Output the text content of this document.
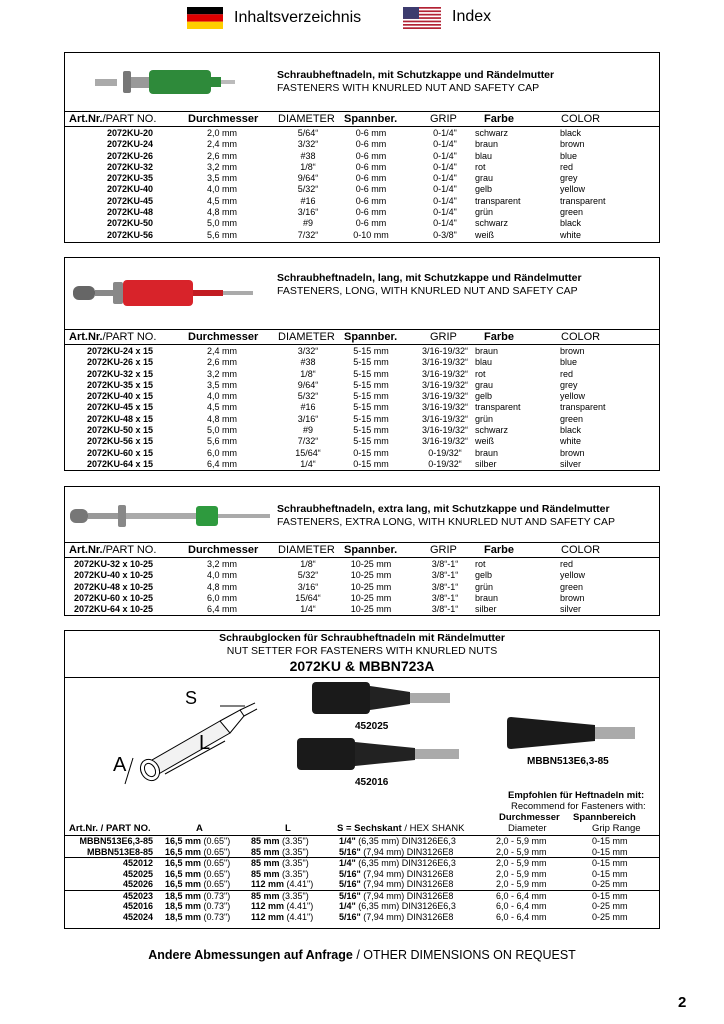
Inhaltsverzeichnis	Index
Schraubheftnadeln, mit Schutzkappe und Rändelmutter
FASTENERS WITH KNURLED NUT AND SAFETY CAP
Art.Nr./PART NO.	Durchmesser DIAMETER Spannber.	GRIP Farbe	COLOR
2072KU-20	2,0 mm	5/64“	0-6 mm	0-1/4"	schwarz	black
2072KU-24	2,4 mm	3/32“	0-6 mm	0-1/4"	braun	brown
2072KU-26	2,6 mm	#38	0-6 mm	0-1/4"	blau	blue
2072KU-32	3,2 mm	1/8“	0-6 mm	0-1/4"	rot	red
2072KU-35	3,5 mm	9/64“	0-6 mm	0-1/4"	grau	grey
2072KU-40	4,0 mm	5/32“	0-6 mm	0-1/4"	gelb	yellow
2072KU-45	4,5 mm	#16	0-6 mm	0-1/4"	transparent	transparent
2072KU-48	4,8 mm	3/16“	0-6 mm	0-1/4"	grün	green
2072KU-50	5,0 mm	#9	0-6 mm	0-1/4"	schwarz	black
2072KU-56	5,6 mm	7/32“	0-10 mm	0-3/8"	weiß	white
Schraubheftnadeln, lang, mit Schutzkappe und Rändelmutter
FASTENERS, LONG, WITH KNURLED NUT AND SAFETY CAP
Art.Nr./PART NO.	Durchmesser DIAMETER Spannber.	GRIP Farbe	COLOR
2072KU-24 x 15	2,4 mm	3/32“	5-15 mm	3/16-19/32“ braun	brown
2072KU-26 x 15	2,6 mm	#38	5-15 mm	3/16-19/32“ blau	blue
2072KU-32 x 15	3,2 mm	1/8“	5-15 mm	3/16-19/32“ rot	red
2072KU-35 x 15	3,5 mm	9/64“	5-15 mm	3/16-19/32“ grau	grey
2072KU-40 x 15	4,0 mm	5/32“	5-15 mm	3/16-19/32“ gelb	yellow
2072KU-45 x 15	4,5 mm	#16	5-15 mm	3/16-19/32“ transparent	transparent
2072KU-48 x 15	4,8 mm	3/16“	5-15 mm	3/16-19/32“ grün	green
2072KU-50 x 15	5,0 mm	#9	5-15 mm	3/16-19/32“ schwarz	black
2072KU-56 x 15	5,6 mm	7/32“	5-15 mm	3/16-19/32“ weiß	white
2072KU-60 x 15	6,0 mm	15/64“	0-15 mm	0-19/32“	braun	brown
2072KU-64 x 15	6,4 mm	1/4“	0-15 mm	0-19/32“	silber	silver
Schraubheftnadeln, extra lang, mit Schutzkappe und Rändelmutter
FASTENERS, EXTRA LONG, WITH KNURLED NUT AND SAFETY CAP
Art.Nr./PART NO.	Durchmesser DIAMETER Spannber.	GRIP Farbe	COLOR
2072KU-32 x 10-25	3,2 mm	1/8“	10-25 mm	3/8“-1“	rot	red
2072KU-40 x 10-25	4,0 mm	5/32“	10-25 mm	3/8“-1“	gelb	yellow
2072KU-48 x 10-25	4,8 mm	3/16“	10-25 mm	3/8“-1“	grün	green
2072KU-60 x 10-25	6,0 mm	15/64“	10-25 mm	3/8“-1“	braun	brown
2072KU-64 x 10-25	6,4 mm	1/4“	10-25 mm	3/8“-1“	silber	silver
Schraubglocken für Schraubheftnadeln mit Rändelmutter
NUT SETTER FOR FASTENERS WITH KNURLED NUTS
2072KU & MBBN723A
S
L
A
452025
452016
MBBN513E6,3-85
Empfohlen für Heftnadeln mit:
Recommend for Fasteners with:
Durchmesser Spannbereich
Art.Nr. / PART NO.	A	L	S = Sechskant / HEX SHANK	Diameter	Grip Range
MBBN513E6,3-85 16,5 mm (0.65") 85 mm (3.35")	1/4" (6,35 mm) DIN3126E6,3	2,0 - 5,9 mm	0-15 mm
MBBN513E8-85 16,5 mm (0.65") 85 mm (3.35")	5/16" (7,94 mm) DIN3126E8	2,0 - 5,9 mm	0-15 mm
452012 16,5 mm (0.65") 85 mm (3.35")	1/4" (6,35 mm) DIN3126E6,3	2,0 - 5,9 mm	0-15 mm
452025 16,5 mm (0.65") 85 mm (3.35")	5/16" (7,94 mm) DIN3126E8	2,0 - 5,9 mm	0-15 mm
452026 16,5 mm (0.65") 112 mm (4.41")	5/16" (7,94 mm) DIN3126E8	2,0 - 5,9 mm	0-25 mm
452023 18,5 mm (0.73") 85 mm (3.35")	5/16" (7,94 mm) DIN3126E8	6,0 - 6,4 mm	0-15 mm
452016 18,5 mm (0.73") 112 mm (4.41")	1/4" (6,35 mm) DIN3126E6,3	6,0 - 6,4 mm	0-25 mm
452024 18,5 mm (0.73") 112 mm (4.41")	5/16" (7,94 mm) DIN3126E8	6,0 - 6,4 mm	0-25 mm
Andere Abmessungen auf Anfrage / OTHER DIMENSIONS ON REQUEST
2
